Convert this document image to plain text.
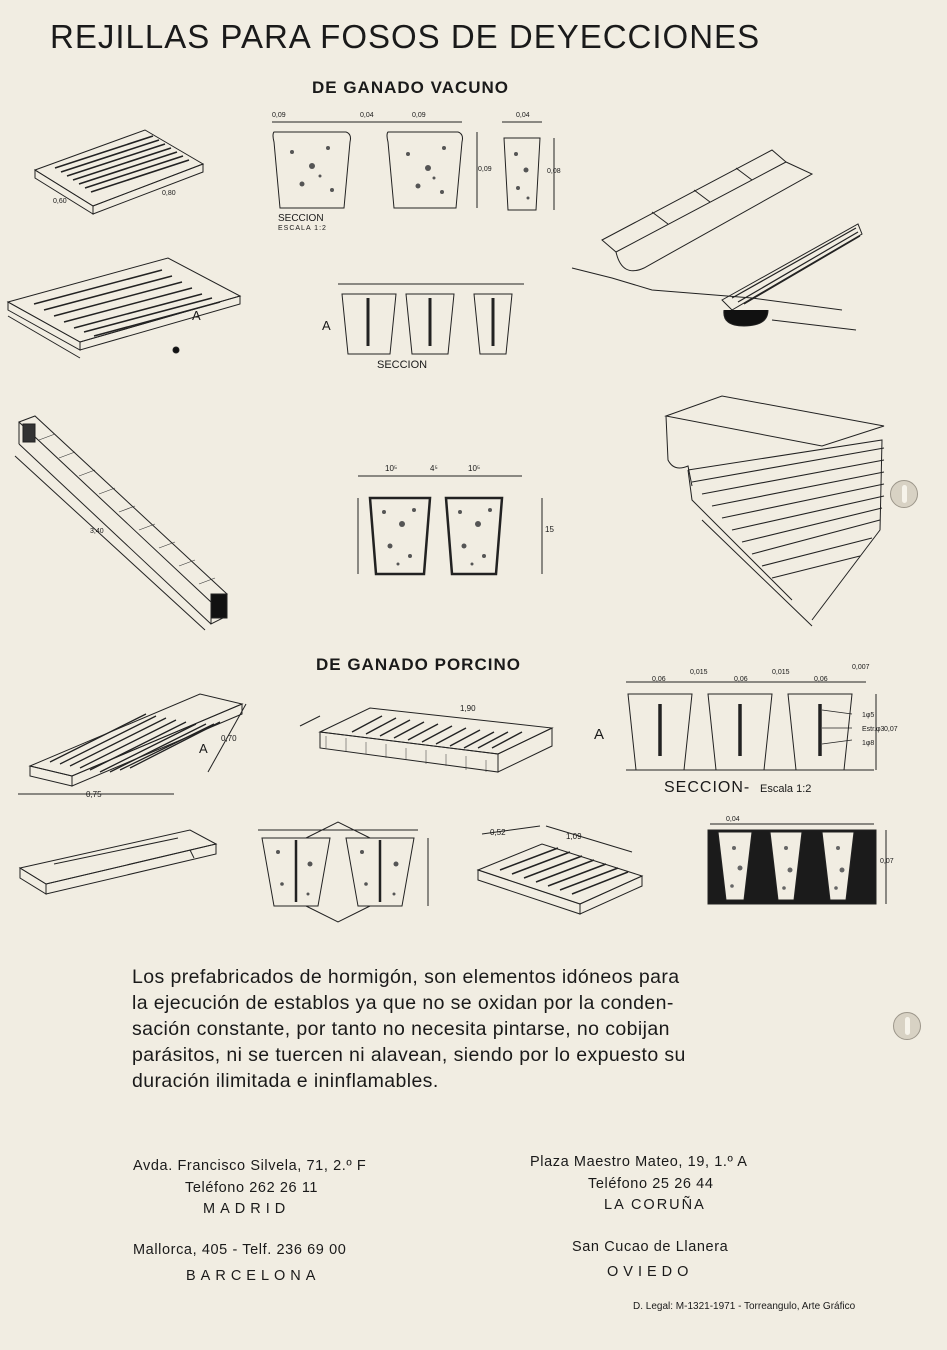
REJILLAS PARA FOSOS DE DEYECCIONES
DE GANADO VACUNO
DE GANADO PORCINO
0,60
0,80
0,09	0,04	0,09
0,09
SECCION
ESCALA 1:2
0,04
0,08
A
A
SECCION
3,40
10⁵	4⁵	10⁵
15
0,75
0,70
A
1,90
0,06
0,015
0,06
0,015
0,06
0,007
0,07
1φ5
Estr.φ3
1φ8
A
SECCION- Escala 1:2
0,52	1,09
0,04
0,07
Los prefabricados de hormigón, son elementos idóneos para
la ejecución de establos ya que no se oxidan por la conden-
sación constante, por tanto no necesita pintarse, no cobijan
parásitos, ni se tuercen ni alavean, siendo por lo expuesto su
duración ilimitada e ininflamables.
Avda. Francisco Silvela, 71, 2.º F
Teléfono 262 26 11
MADRID
Mallorca, 405 - Telf. 236 69 00
BARCELONA
Plaza Maestro Mateo, 19, 1.º A
Teléfono 25 26 44
LA CORUÑA
San Cucao de Llanera
OVIEDO
D. Legal: M-1321-1971 - Torreangulo, Arte Gráfico
